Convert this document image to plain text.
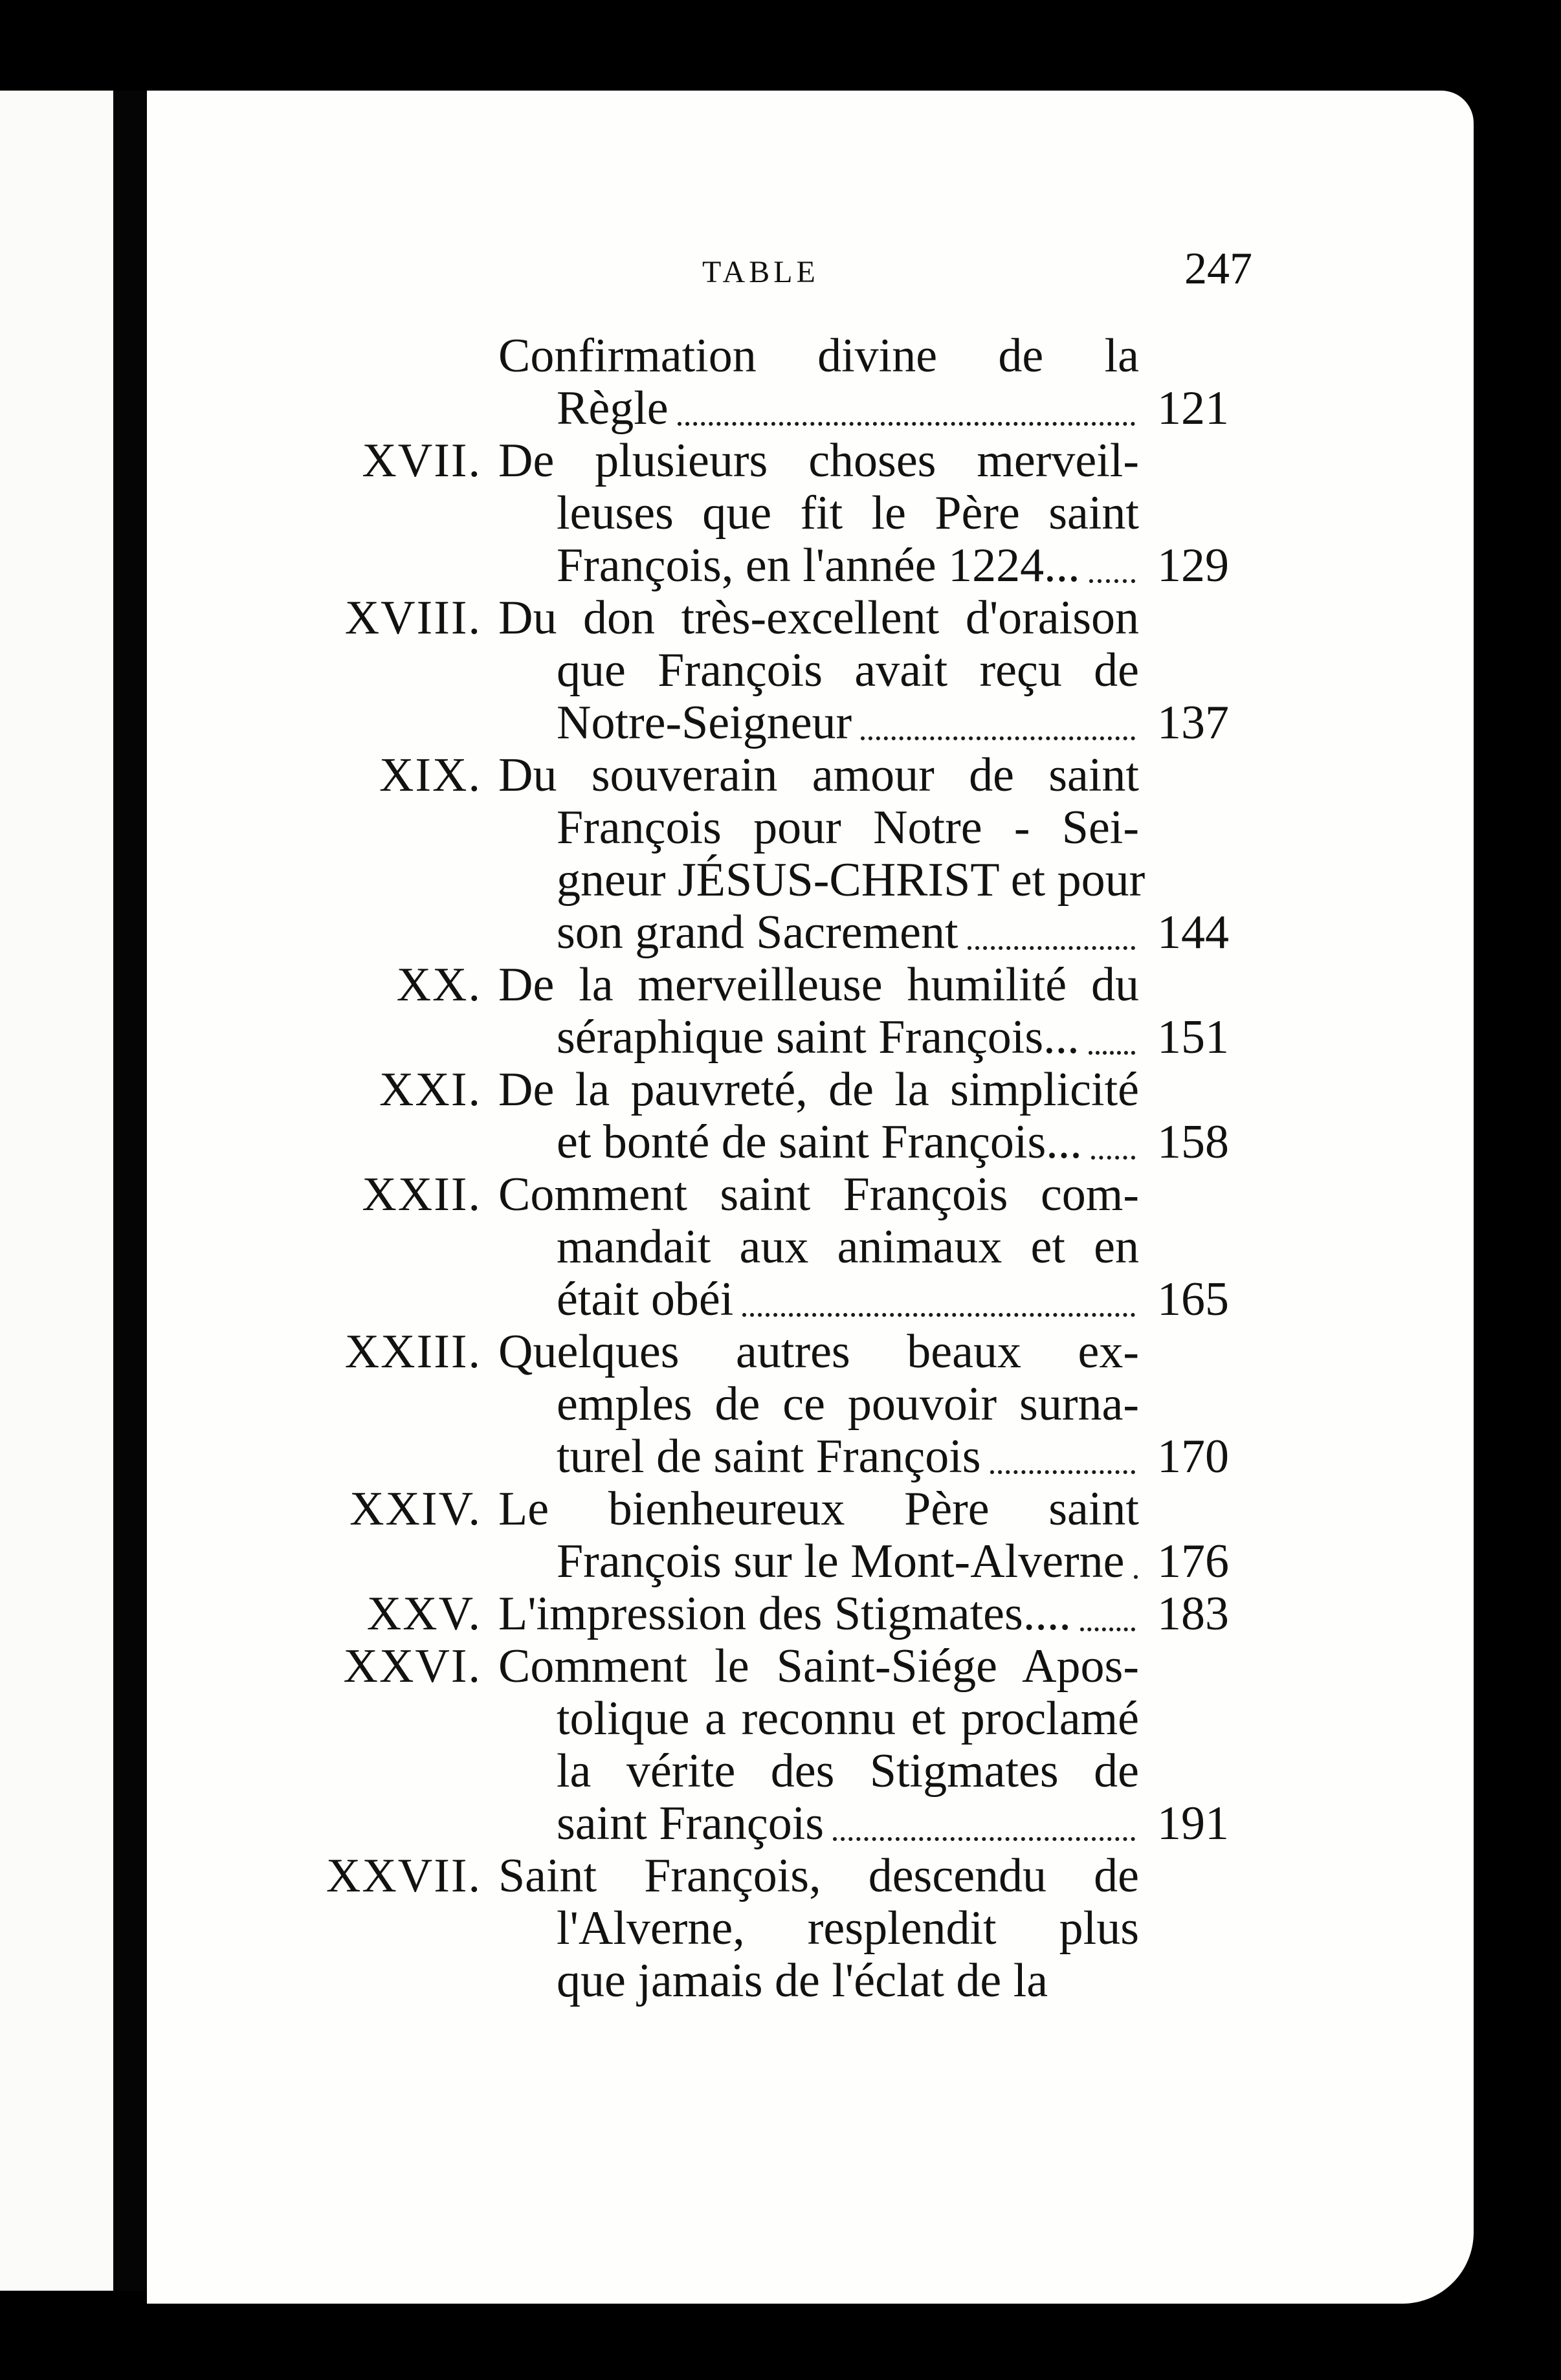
TABLE	247

Confirmation divine de la
121
Règle
XVII. De plusieurs choses merveil-
leuses que fit le Père saint
129
François, en l'année 1224...
XVIII. Du don très-excellent d'oraison
que François avait reçu de
137
Notre-Seigneur
XIX. Du souverain amour de saint
François pour Notre - Sei-
gneur JÉSUS-CHRIST et pour
144
son grand Sacrement
XX. De la merveilleuse humilité du
151
séraphique saint François...
XXI. De la pauvreté, de la simplicité
158
et bonté de saint François...
XXII. Comment saint François com-
mandait aux animaux et en
165
était obéi
XXIII. Quelques autres beaux ex-
emples de ce pouvoir surna-
170
turel de saint François
XXIV. Le bienheureux Père saint
176
François sur le Mont-Alverne
XXV.	183
L'impression des Stigmates....
XXVI. Comment le Saint-Siége Apos-
tolique a reconnu et proclamé
la vérite des Stigmates de
191
saint François
XXVII. Saint François, descendu de
l'Alverne, resplendit plus
que jamais de l'éclat de la
